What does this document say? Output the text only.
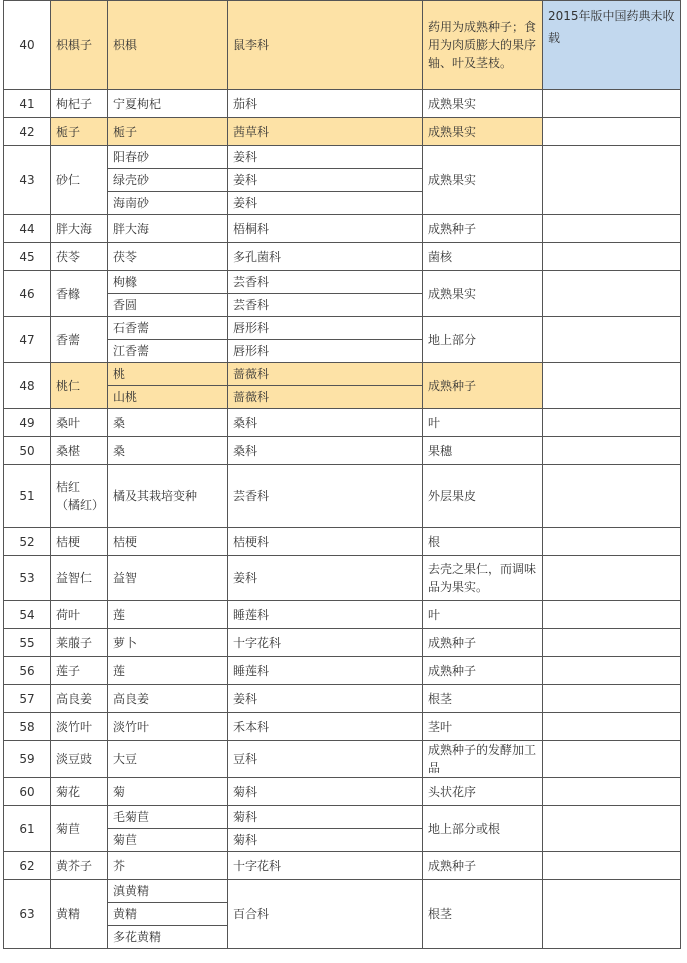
40	枳椇子	枳椇	鼠李科	药用为成熟种子；食用为肉质膨大的果序轴、叶及茎枝。	2015年版中国药典未收载
41	枸杞子	宁夏枸杞	茄科	成熟果实	
42	栀子	栀子	茜草科	成熟果实	
43	砂仁	阳春砂	姜科	成熟果实	
		绿壳砂	姜科		
		海南砂	姜科		
44	胖大海	胖大海	梧桐科	成熟种子	
45	茯苓	茯苓	多孔菌科	菌核	
46	香橼	枸橼	芸香科	成熟果实	
		香圆	芸香科		
47	香薷	石香薷	唇形科	地上部分	
		江香薷	唇形科		
48	桃仁	桃	蔷薇科	成熟种子	
		山桃	蔷薇科		
49	桑叶	桑	桑科	叶	
50	桑椹	桑	桑科	果穗	
51	桔红（橘红）	橘及其栽培变种	芸香科	外层果皮	
52	桔梗	桔梗	桔梗科	根	
53	益智仁	益智	姜科	去壳之果仁，而调味品为果实。	
54	荷叶	莲	睡莲科	叶	
55	莱菔子	萝卜	十字花科	成熟种子	
56	莲子	莲	睡莲科	成熟种子	
57	高良姜	高良姜	姜科	根茎	
58	淡竹叶	淡竹叶	禾本科	茎叶	
59	淡豆豉	大豆	豆科	成熟种子的发酵加工品	
60	菊花	菊	菊科	头状花序	
61	菊苣	毛菊苣	菊科	地上部分或根	
		菊苣	菊科		
62	黄芥子	芥	十字花科	成熟种子	
63	黄精	滇黄精	百合科	根茎	
		黄精			
		多花黄精			
